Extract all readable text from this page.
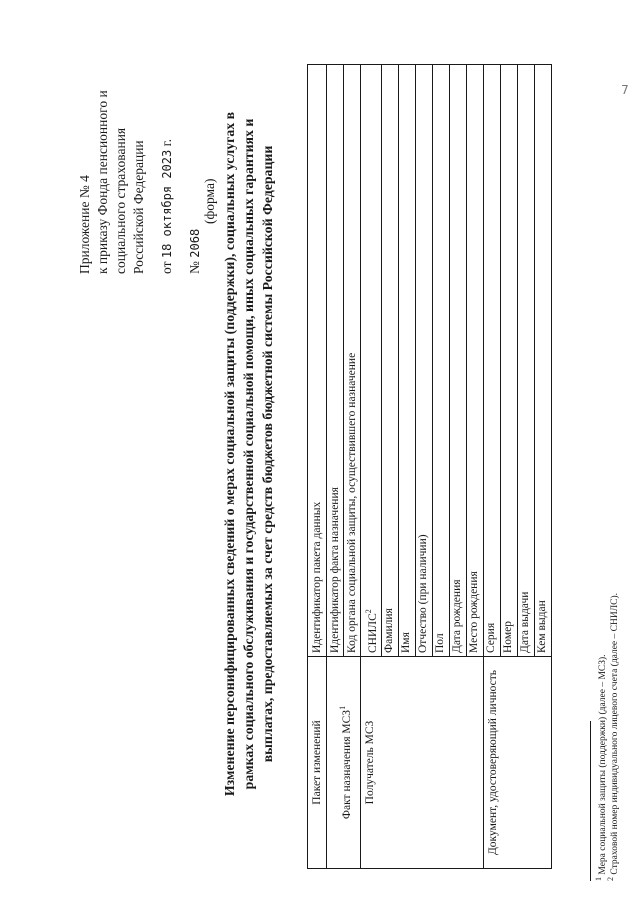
7
Приложение № 4 к приказу Фонда пенсионного и социального страхования Российской Федерации от 18 октября 2023 г.
№ 2068
(форма) Изменение персонифицированных сведений о мерах социальной защиты (поддержки), социальных услугах в рамках социального обслуживания и государственной социальной помощи, иных социальных гарантиях и выплатах, предоставляемых за счет средств бюджетов бюджетной системы Российской Федерации
Пакет изменений	Идентификатор пакета данных
Факт назначения МСЗ$^1$	Идентификатор факта назначения
	Код органа социальной защиты, осуществившего назначение
Получатель МСЗ	СНИЛС$^2$
	Фамилия
	Имя
	Отчество (при наличии)
	Пол
	Дата рождения
	Место рождения
Документ, удостоверяющий личность	Серия
	Номер
	Дата выдачи
	Кем выдан
$^1$ Мера социальной защиты (поддержки) (далее – МСЗ).
$^2$ Страховой номер индивидуального лицевого счета (далее – СНИЛС).
